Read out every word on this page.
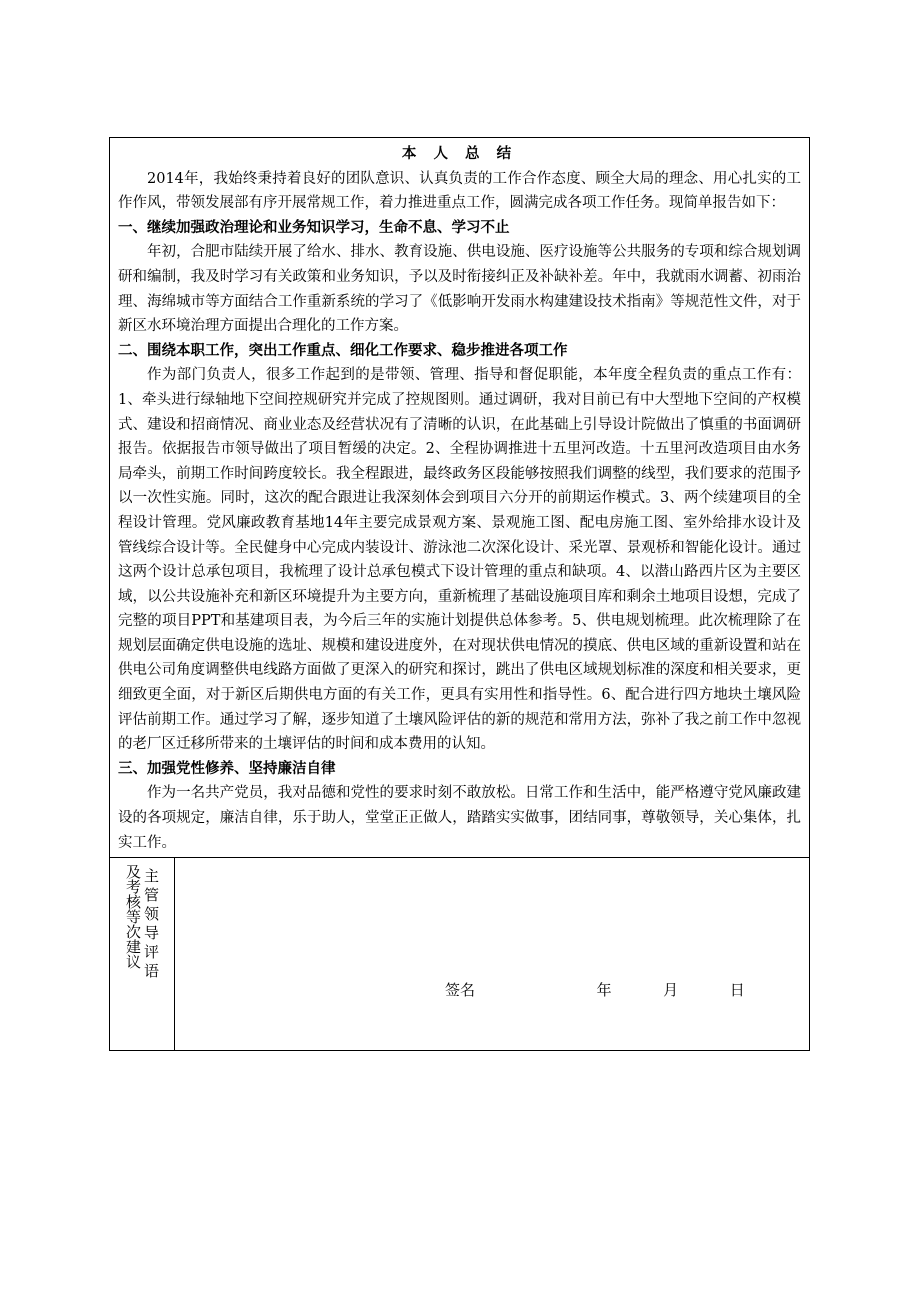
本 人 总 结

2014年，我始终秉持着良好的团队意识、认真负责的工作合作态度、顾全大局的理念、用心扎实的工作作风，带领发展部有序开展常规工作，着力推进重点工作，圆满完成各项工作任务。现简单报告如下：

一、继续加强政治理论和业务知识学习，生命不息、学习不止

年初，合肥市陆续开展了给水、排水、教育设施、供电设施、医疗设施等公共服务的专项和综合规划调研和编制，我及时学习有关政策和业务知识，予以及时衔接纠正及补缺补差。年中，我就雨水调蓄、初雨治理、海绵城市等方面结合工作重新系统的学习了《低影响开发雨水构建建设技术指南》等规范性文件，对于新区水环境治理方面提出合理化的工作方案。

二、围绕本职工作，突出工作重点、细化工作要求、稳步推进各项工作

作为部门负责人，很多工作起到的是带领、管理、指导和督促职能，本年度全程负责的重点工作有：1、牵头进行绿轴地下空间控规研究并完成了控规图则。通过调研，我对目前已有中大型地下空间的产权模式、建设和招商情况、商业业态及经营状况有了清晰的认识，在此基础上引导设计院做出了慎重的书面调研报告。依据报告市领导做出了项目暂缓的决定。2、全程协调推进十五里河改造。十五里河改造项目由水务局牵头，前期工作时间跨度较长。我全程跟进，最终政务区段能够按照我们调整的线型，我们要求的范围予以一次性实施。同时，这次的配合跟进让我深刻体会到项目六分开的前期运作模式。3、两个续建项目的全程设计管理。党风廉政教育基地14年主要完成景观方案、景观施工图、配电房施工图、室外给排水设计及管线综合设计等。全民健身中心完成内装设计、游泳池二次深化设计、采光罩、景观桥和智能化设计。通过这两个设计总承包项目，我梳理了设计总承包模式下设计管理的重点和缺项。4、以潜山路西片区为主要区域，以公共设施补充和新区环境提升为主要方向，重新梳理了基础设施项目库和剩余土地项目设想，完成了完整的项目PPT和基建项目表，为今后三年的实施计划提供总体参考。5、供电规划梳理。此次梳理除了在规划层面确定供电设施的选址、规模和建设进度外，在对现状供电情况的摸底、供电区域的重新设置和站在供电公司角度调整供电线路方面做了更深入的研究和探讨，跳出了供电区域规划标准的深度和相关要求，更细致更全面，对于新区后期供电方面的有关工作，更具有实用性和指导性。6、配合进行四方地块土壤风险评估前期工作。通过学习了解，逐步知道了土壤风险评估的新的规范和常用方法，弥补了我之前工作中忽视的老厂区迁移所带来的土壤评估的时间和成本费用的认知。

三、加强党性修养、坚持廉洁自律

作为一名共产党员，我对品德和党性的要求时刻不敢放松。日常工作和生活中，能严格遵守党风廉政建设的各项规定，廉洁自律，乐于助人，堂堂正正做人，踏踏实实做事，团结同事，尊敬领导，关心集体，扎实工作。

及考核等次建议 主管领导评语
签名	年	月	日
